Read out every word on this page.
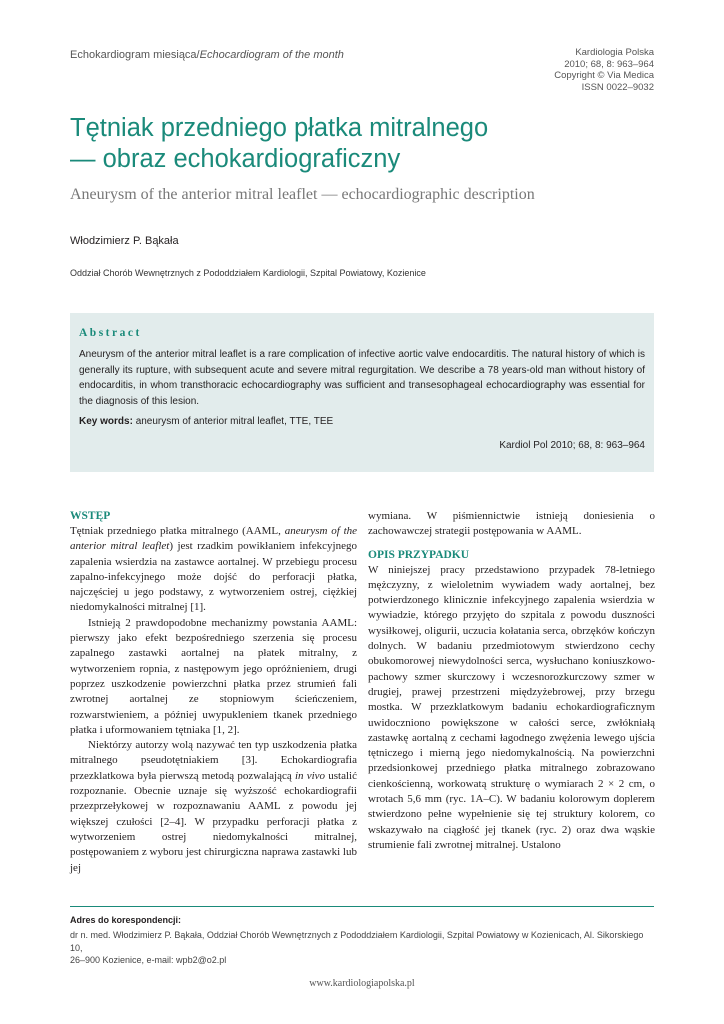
Echokardiogram miesiąca/Echocardiogram of the month	Kardiologia Polska
2010; 68, 8: 963–964
Copyright © Via Medica
ISSN 0022–9032
Tętniak przedniego płatka mitralnego
— obraz echokardiograficzny
Aneurysm of the anterior mitral leaflet — echocardiographic description
Włodzimierz P. Bąkała
Oddział Chorób Wewnętrznych z Pododdziałem Kardiologii, Szpital Powiatowy, Kozienice
Abstract
Aneurysm of the anterior mitral leaflet is a rare complication of infective aortic valve endocarditis. The natural history of which is generally its rupture, with subsequent acute and severe mitral regurgitation. We describe a 78 years-old man without history of endocarditis, in whom transthoracic echocardiography was sufficient and transesophageal echocardiography was essential for the diagnosis of this lesion.
Key words: aneurysm of anterior mitral leaflet, TTE, TEE
Kardiol Pol 2010; 68, 8: 963–964
WSTĘP

Tętniak przedniego płatka mitralnego (AAML, aneurysm of the anterior mitral leaflet) jest rzadkim powikłaniem infekcyjnego zapalenia wsierdzia na zastawce aortalnej. W przebiegu procesu zapalno-infekcyjnego może dojść do perforacji płatka, najczęściej u jego podstawy, z wytworzeniem ostrej, ciężkiej niedomykalności mitralnej [1].

Istnieją 2 prawdopodobne mechanizmy powstania AAML: pierwszy jako efekt bezpośredniego szerzenia się procesu zapalnego zastawki aortalnej na płatek mitralny, z wytworzeniem ropnia, z następowym jego opróżnieniem, drugi poprzez uszkodzenie powierzchni płatka przez strumień fali zwrotnej aortalnej ze stopniowym ścieńczeniem, rozwarstwieniem, a później uwypukleniem tkanek przedniego płatka i uformowaniem tętniaka [1, 2].

Niektórzy autorzy wolą nazywać ten typ uszkodzenia płatka mitralnego pseudotętniakiem [3]. Echokardiografia przezklatkowa była pierwszą metodą pozwalającą in vivo ustalić rozpoznanie. Obecnie uznaje się wyższość echokardiografii przezprzełykowej w rozpoznawaniu AAML z powodu jej większej czułości [2–4]. W przypadku perforacji płatka z wytworzeniem ostrej niedomykalności mitralnej, postępowaniem z wyboru jest chirurgiczna naprawa zastawki lub jej

wymiana. W piśmiennictwie istnieją doniesienia o zachowawczej strategii postępowania w AAML.

OPIS PRZYPADKU

W niniejszej pracy przedstawiono przypadek 78-letniego mężczyzny, z wieloletnim wywiadem wady aortalnej, bez potwierdzonego klinicznie infekcyjnego zapalenia wsierdzia w wywiadzie, którego przyjęto do szpitala z powodu duszności wysiłkowej, oligurii, uczucia kołatania serca, obrzęków kończyn dolnych. W badaniu przedmiotowym stwierdzono cechy obukomorowej niewydolności serca, wysłuchano koniuszkowo-pachowy szmer skurczowy i wczesnorozkurczowy szmer w drugiej, prawej przestrzeni międzyżebrowej, przy brzegu mostka. W przezklatkowym badaniu echokardiograficznym uwidoczniono powiększone w całości serce, zwłókniałą zastawkę aortalną z cechami łagodnego zwężenia lewego ujścia tętniczego i mierną jego niedomykalnością. Na powierzchni przedsionkowej przedniego płatka mitralnego zobrazowano cienkościenną, workowatą strukturę o wymiarach 2 × 2 cm, o wrotach 5,6 mm (ryc. 1A–C). W badaniu kolorowym doplerem stwierdzono pełne wypełnienie się tej struktury kolorem, co wskazywało na ciągłość jej tkanek (ryc. 2) oraz dwa wąskie strumienie fali zwrotnej mitralnej. Ustalono

Adres do korespondencji:
dr n. med. Włodzimierz P. Bąkała, Oddział Chorób Wewnętrznych z Pododdziałem Kardiologii, Szpital Powiatowy w Kozienicach, Al. Sikorskiego 10,
26–900 Kozienice, e-mail: wpb2@o2.pl
www.kardiologiapolska.pl
